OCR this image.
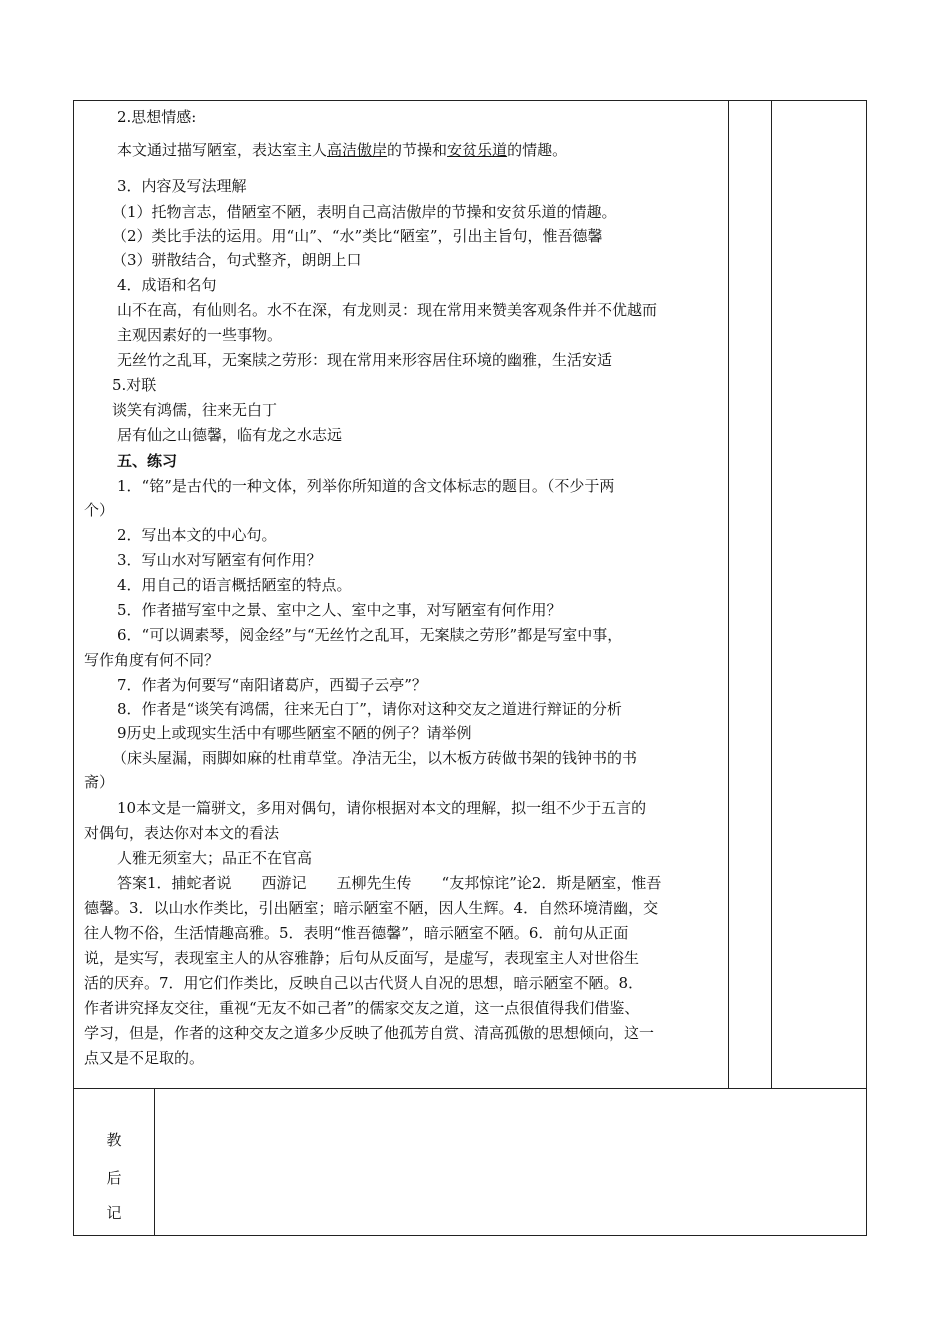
2.思想情感:
本文通过描写陋室，表达室主人高洁傲岸的节操和安贫乐道的情趣。
3．内容及写法理解
（1）托物言志，借陋室不陋，表明自己高洁傲岸的节操和安贫乐道的情趣。
（2）类比手法的运用。用“山”、“水”类比“陋室”，引出主旨句，惟吾德馨
（3）骈散结合，句式整齐，朗朗上口
4．成语和名句
山不在高，有仙则名。水不在深，有龙则灵：现在常用来赞美客观条件并不优越而
主观因素好的一些事物。
无丝竹之乱耳，无案牍之劳形：现在常用来形容居住环境的幽雅，生活安适
5.对联
谈笑有鸿儒，往来无白丁
居有仙之山德馨，临有龙之水志远
五、练习
1．“铭”是古代的一种文体，列举你所知道的含文体标志的题目。（不少于两
个）
2．写出本文的中心句。
3．写山水对写陋室有何作用？
4．用自己的语言概括陋室的特点。
5．作者描写室中之景、室中之人、室中之事，对写陋室有何作用？
6．“可以调素琴，阅金经”与“无丝竹之乱耳，无案牍之劳形”都是写室中事，
写作角度有何不同？
7．作者为何要写“南阳诸葛庐，西蜀子云亭”？
8．作者是“谈笑有鸿儒，往来无白丁”，请你对这种交友之道进行辩证的分析
9历史上或现实生活中有哪些陋室不陋的例子？请举例
（床头屋漏，雨脚如麻的杜甫草堂。净洁无尘，以木板方砖做书架的钱钟书的书
斋）
10本文是一篇骈文，多用对偶句，请你根据对本文的理解，拟一组不少于五言的
对偶句，表达你对本文的看法
人雅无须室大；品正不在官高
答案1．捕蛇者说　　西游记　　五柳先生传　　“友邦惊诧”论2．斯是陋室，惟吾
德馨。3．以山水作类比，引出陋室；暗示陋室不陋，因人生辉。4．自然环境清幽，交
往人物不俗，生活情趣高雅。5．表明“惟吾德馨”，暗示陋室不陋。6．前句从正面
说，是实写，表现室主人的从容雅静；后句从反面写，是虚写，表现室主人对世俗生
活的厌弃。7．用它们作类比，反映自己以古代贤人自况的思想，暗示陋室不陋。8．
作者讲究择友交往，重视“无友不如己者”的儒家交友之道，这一点很值得我们借鉴、
学习，但是，作者的这种交友之道多少反映了他孤芳自赏、清高孤傲的思想倾向，这一
点又是不足取的。
教
后
记
